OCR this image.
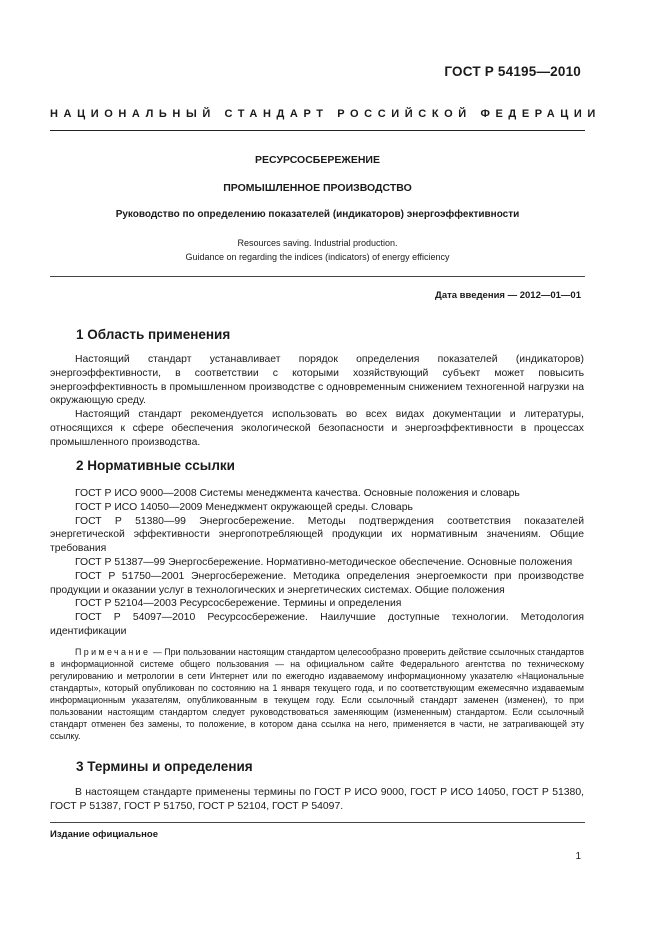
ГОСТ Р 54195—2010
НАЦИОНАЛЬНЫЙ СТАНДАРТ РОССИЙСКОЙ ФЕДЕРАЦИИ
РЕСУРСОСБЕРЕЖЕНИЕ
ПРОМЫШЛЕННОЕ ПРОИЗВОДСТВО
Руководство по определению показателей (индикаторов) энергоэффективности
Resources saving. Industrial production.
Guidance on regarding the indices (indicators) of energy efficiency
Дата введения — 2012—01—01
1 Область применения

Настоящий стандарт устанавливает порядок определения показателей (индикаторов) энергоэффективности, в соответствии с которыми хозяйствующий субъект может повысить энергоэффективность в промышленном производстве с одновременным снижением техногенной нагрузки на окружающую среду.

Настоящий стандарт рекомендуется использовать во всех видах документации и литературы, относящихся к сфере обеспечения экологической безопасности и энергоэффективности в процессах промышленного производства.

2 Нормативные ссылки

ГОСТ Р ИСО 9000—2008 Системы менеджмента качества. Основные положения и словарь

ГОСТ Р ИСО 14050—2009 Менеджмент окружающей среды. Словарь

ГОСТ Р 51380—99 Энергосбережение. Методы подтверждения соответствия показателей энергетической эффективности энергопотребляющей продукции их нормативным значениям. Общие требования

ГОСТ Р 51387—99 Энергосбережение. Нормативно-методическое обеспечение. Основные положения

ГОСТ Р 51750—2001 Энергосбережение. Методика определения энергоемкости при производстве продукции и оказании услуг в технологических и энергетических системах. Общие положения

ГОСТ Р 52104—2003 Ресурсосбережение. Термины и определения

ГОСТ Р 54097—2010 Ресурсосбережение. Наилучшие доступные технологии. Методология идентификации

Примечание — При пользовании настоящим стандартом целесообразно проверить действие ссылочных стандартов в информационной системе общего пользования — на официальном сайте Федерального агентства по техническому регулированию и метрологии в сети Интернет или по ежегодно издаваемому информационному указателю «Национальные стандарты», который опубликован по состоянию на 1 января текущего года, и по соответствующим ежемесячно издаваемым информационным указателям, опубликованным в текущем году. Если ссылочный стандарт заменен (изменен), то при пользовании настоящим стандартом следует руководствоваться заменяющим (измененным) стандартом. Если ссылочный стандарт отменен без замены, то положение, в котором дана ссылка на него, применяется в части, не затрагивающей эту ссылку.

3 Термины и определения

В настоящем стандарте применены термины по ГОСТ Р ИСО 9000, ГОСТ Р ИСО 14050, ГОСТ Р 51380, ГОСТ Р 51387, ГОСТ Р 51750, ГОСТ Р 52104, ГОСТ Р 54097.

Издание официальное
1
